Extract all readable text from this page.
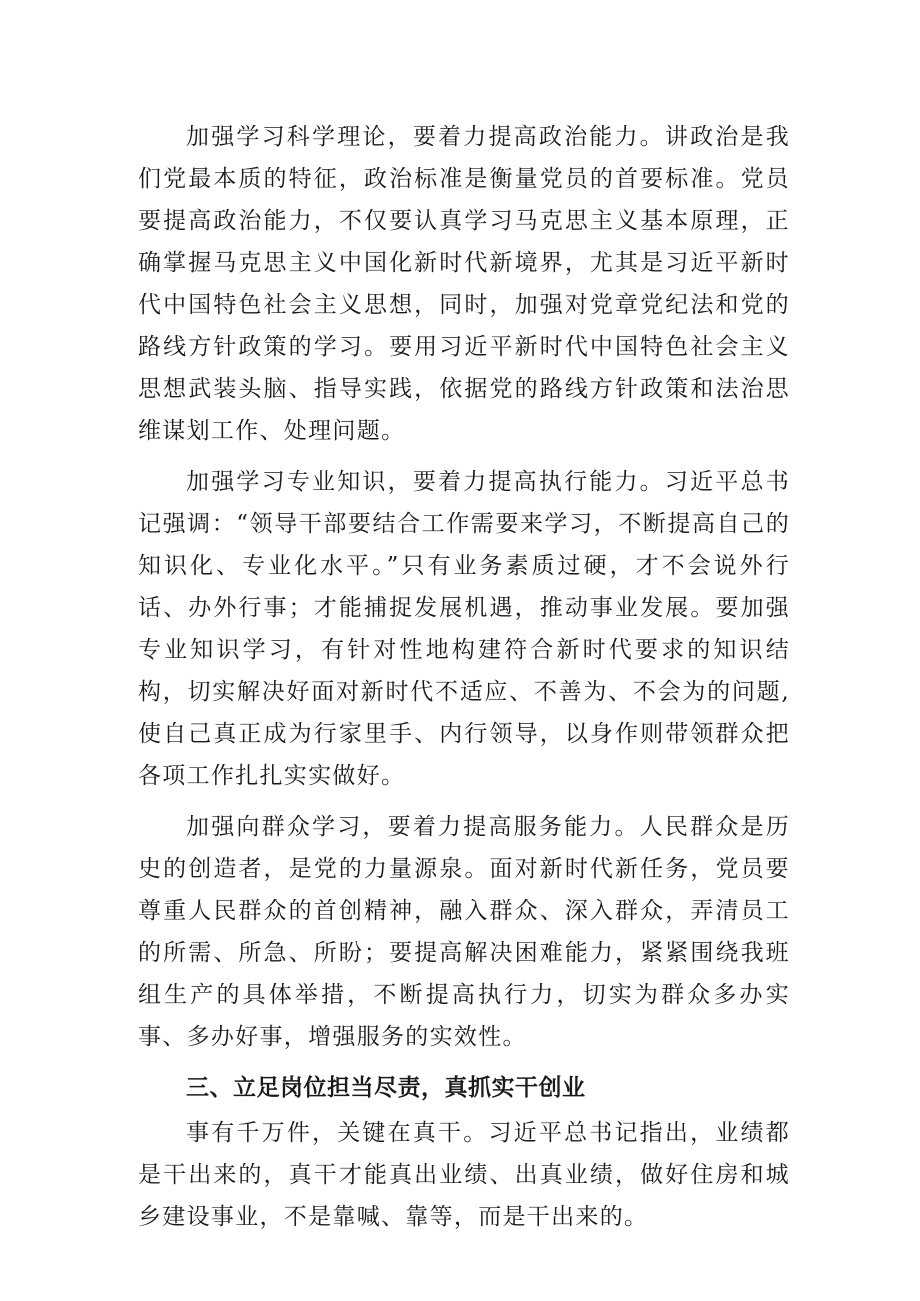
加强学习科学理论，要着力提高政治能力。讲政治是我们党最本质的特征，政治标准是衡量党员的首要标准。党员要提高政治能力，不仅要认真学习马克思主义基本原理，正确掌握马克思主义中国化新时代新境界，尤其是习近平新时代中国特色社会主义思想，同时，加强对党章党纪法和党的路线方针政策的学习。要用习近平新时代中国特色社会主义思想武装头脑、指导实践，依据党的路线方针政策和法治思维谋划工作、处理问题。

加强学习专业知识，要着力提高执行能力。习近平总书记强调：“领导干部要结合工作需要来学习，不断提高自己的知识化、专业化水平。”只有业务素质过硬，才不会说外行话、办外行事；才能捕捉发展机遇，推动事业发展。要加强专业知识学习，有针对性地构建符合新时代要求的知识结构，切实解决好面对新时代不适应、不善为、不会为的问题,使自己真正成为行家里手、内行领导，以身作则带领群众把各项工作扎扎实实做好。

加强向群众学习，要着力提高服务能力。人民群众是历史的创造者，是党的力量源泉。面对新时代新任务，党员要尊重人民群众的首创精神，融入群众、深入群众，弄清员工的所需、所急、所盼；要提高解决困难能力，紧紧围绕我班组生产的具体举措，不断提高执行力，切实为群众多办实事、多办好事，增强服务的实效性。

三、立足岗位担当尽责，真抓实干创业

事有千万件，关键在真干。习近平总书记指出，业绩都是干出来的，真干才能真出业绩、出真业绩，做好住房和城乡建设事业，不是靠喊、靠等，而是干出来的。
